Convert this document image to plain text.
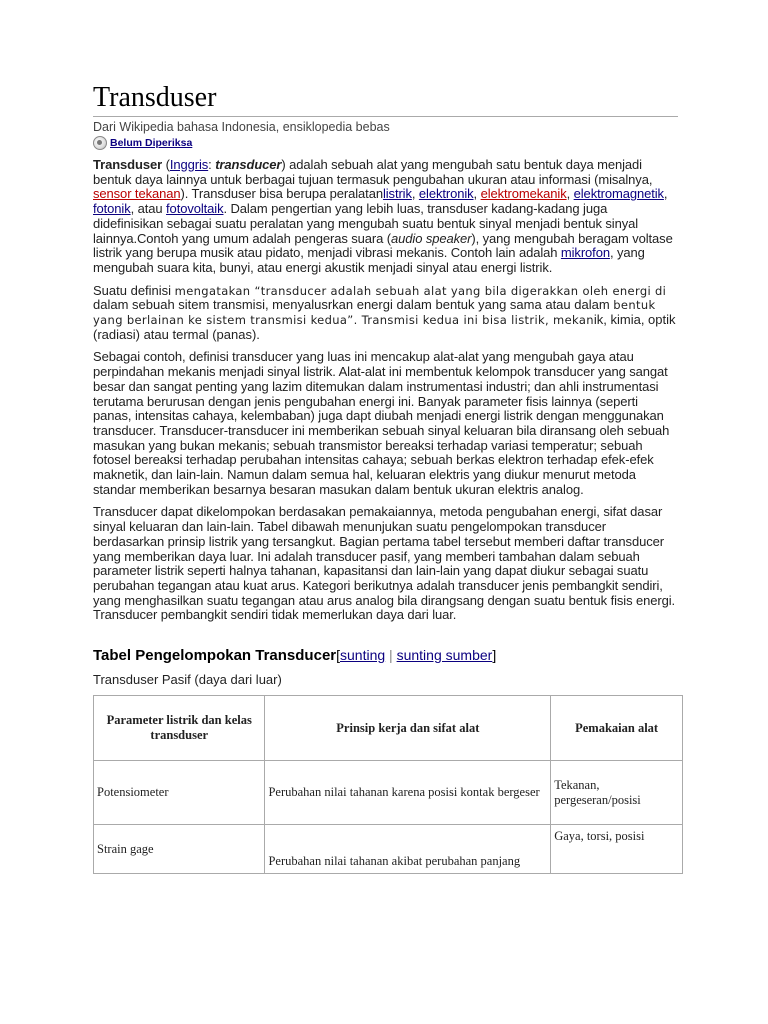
Transduser
Dari Wikipedia bahasa Indonesia, ensiklopedia bebas
Belum Diperiksa

Transduser (Inggris: transducer) adalah sebuah alat yang mengubah satu bentuk daya menjadi bentuk daya lainnya untuk berbagai tujuan termasuk pengubahan ukuran atau informasi (misalnya, sensor tekanan). Transduser bisa berupa peralatanlistrik, elektronik, elektromekanik, elektromagnetik, fotonik, atau fotovoltaik. Dalam pengertian yang lebih luas, transduser kadang-kadang juga didefinisikan sebagai suatu peralatan yang mengubah suatu bentuk sinyal menjadi bentuk sinyal lainnya.Contoh yang umum adalah pengeras suara (audio speaker), yang mengubah beragam voltase listrik yang berupa musik atau pidato, menjadi vibrasi mekanis. Contoh lain adalah mikrofon, yang mengubah suara kita, bunyi, atau energi akustik menjadi sinyal atau energi listrik.

Suatu definisi mengatakan “transducer adalah sebuah alat yang bila digerakkan oleh energi di dalam sebuah sitem transmisi, menyalusrkan energi dalam bentuk yang sama atau dalam bentuk yang berlainan ke sistem transmisi kedua”. Transmisi kedua ini bisa listrik, mekanik, kimia, optik (radiasi) atau termal (panas).

Sebagai contoh, definisi transducer yang luas ini mencakup alat-alat yang mengubah gaya atau perpindahan mekanis menjadi sinyal listrik. Alat-alat ini membentuk kelompok transducer yang sangat besar dan sangat penting yang lazim ditemukan dalam instrumentasi industri; dan ahli instrumentasi terutama berurusan dengan jenis pengubahan energi ini. Banyak parameter fisis lainnya (seperti panas, intensitas cahaya, kelembaban) juga dapt diubah menjadi energi listrik dengan menggunakan transducer. Transducer-transducer ini memberikan sebuah sinyal keluaran bila diransang oleh sebuah masukan yang bukan mekanis; sebuah transmistor bereaksi terhadap variasi temperatur; sebuah fotosel bereaksi terhadap perubahan intensitas cahaya; sebuah berkas elektron terhadap efek-efek maknetik, dan lain-lain. Namun dalam semua hal, keluaran elektris yang diukur menurut metoda standar memberikan besarnya besaran masukan dalam bentuk ukuran elektris analog.

Transducer dapat dikelompokan berdasakan pemakaiannya, metoda pengubahan energi, sifat dasar sinyal keluaran dan lain-lain. Tabel dibawah menunjukan suatu pengelompokan transducer berdasarkan prinsip listrik yang tersangkut. Bagian pertama tabel tersebut memberi daftar transducer yang memberikan daya luar. Ini adalah transducer pasif, yang memberi tambahan dalam sebuah parameter listrik seperti halnya tahanan, kapasitansi dan lain-lain yang dapat diukur sebagai suatu perubahan tegangan atau kuat arus. Kategori berikutnya adalah transducer jenis pembangkit sendiri, yang menghasilkan suatu tegangan atau arus analog bila dirangsang dengan suatu bentuk fisis energi. Transducer pembangkit sendiri tidak memerlukan daya dari luar.

Tabel Pengelompokan Transducer[sunting | sunting sumber]
Transduser Pasif (daya dari luar)
Parameter listrik dan kelas transduser	Prinsip kerja dan sifat alat	Pemakaian alat
Potensiometer	Perubahan nilai tahanan karena posisi kontak bergeser	Tekanan, pergeseran/posisi
Strain gage	Perubahan nilai tahanan akibat perubahan panjang	Gaya, torsi, posisi
